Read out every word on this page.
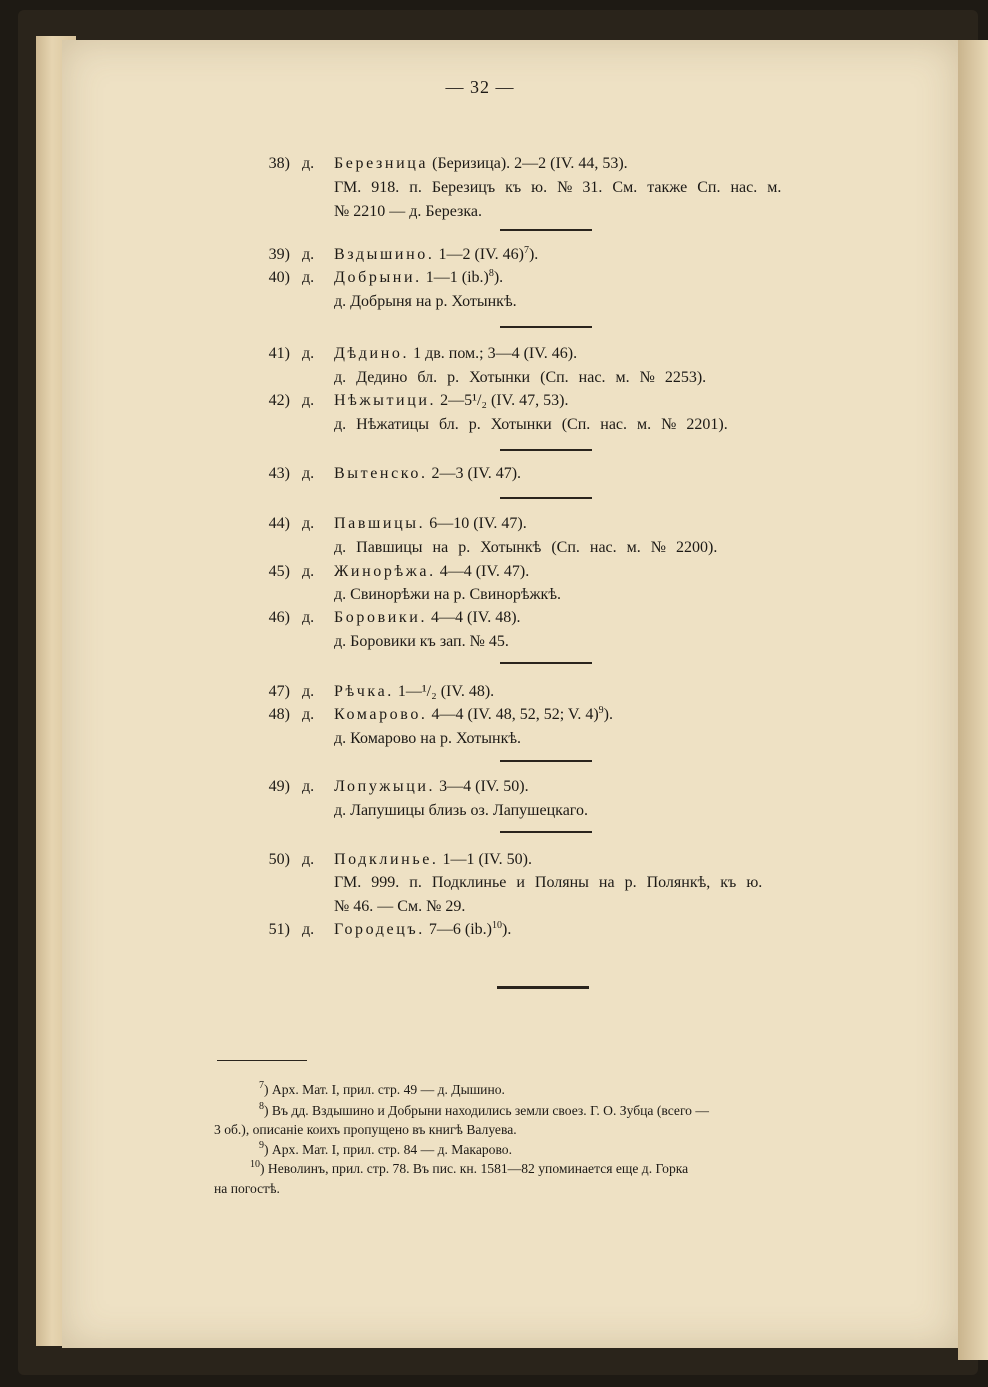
— 32 —
38) д. Березница (Беризица). 2—2 (IV. 44, 53).
ГМ. 918. п. Березицъ къ ю. № 31. См. также Сп. нас. м.
№ 2210 — д. Березка.
39) д. Вздышино. 1—2 (IV. 46)$^7$).
40) д. Добрыни. 1—1 $(ib.)^8$).
д. Добрыня на р. Хотынкѣ.
41) д. Дѣдино. 1 дв. пом.; 3—4 (IV. 46).
д. Дедино бл. р. Хотынки (Сп. нас. м. № 2253).
42) д. Нѣжытици. 2—5¹/₂ (IV. 47, 53).
д. Нѣжатицы бл. р. Хотынки (Сп. нас. м. № 2201).
43) д. Вытенско. 2—3 (IV. 47).
44) д. Павшицы. 6—10 (IV. 47).
д. Павшицы на р. Хотынкѣ (Сп. нас. м. № 2200).
45) д. Жинорѣжа. 4—4 (IV. 47).
д. Свинорѣжи на р. Свинорѣжкѣ.
46) д. Боровики. 4—4 (IV. 48).
д. Боровики къ зап. № 45.
47) д. Рѣчка. 1—¹/₂ (IV. 48).
48) д. Комарово. 4—4 (IV. 48, 52, 52; V. 4)$^9$).
д. Комарово на р. Хотынкѣ.
49) д. Лопужыци. 3—4 (IV. 50).
д. Лапушицы близь оз. Лапушецкаго.
50) д. Подклинье. 1—1 (IV. 50).
ГМ. 999. п. Подклинье и Поляны на р. Полянкѣ, къ ю.
№ 46. — См. № 29.
51) д. Городецъ. 7—6 $(ib.)^{10}$).
$^7$) Арх. Мат. I, прил. стр. 49 — д. Дышино.
$^8$) Въ дд. Вздышино и Добрыни находились земли своез. Г. О. Зубца (всего —
3 об.), описаніе коихъ пропущено въ книгѣ Валуева.
$^9$) Арх. Мат. I, прил. стр. 84 — д. Макарово.
$^{10}$) Неволинъ, прил. стр. 78. Въ пис. кн. 1581—82 упоминается еще д. Горка
на погостѣ.
